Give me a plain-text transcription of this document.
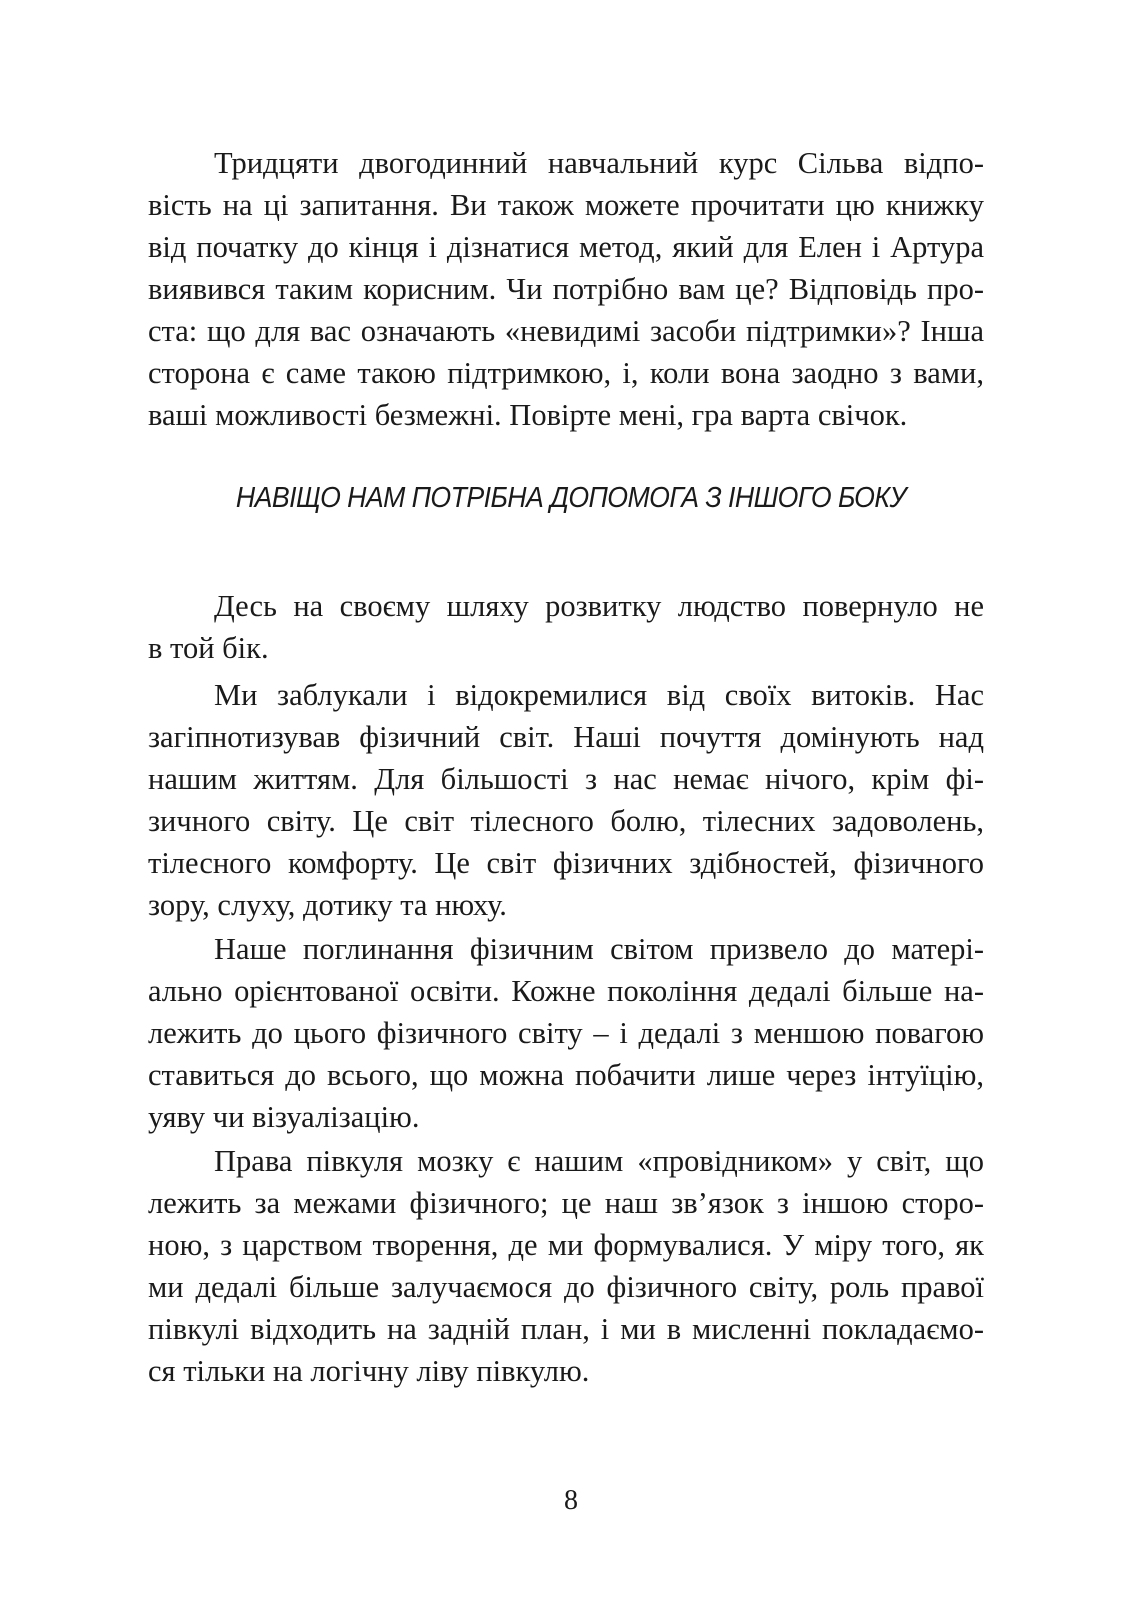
Тридцяти двогодинний навчальний курс Сільва відпо-
вість на ці запитання. Ви також можете прочитати цю книжку
від початку до кінця і дізнатися метод, який для Елен і Артура
виявився таким корисним. Чи потрібно вам це? Відповідь про-
ста: що для вас означають «невидимі засоби підтримки»? Інша
сторона є саме такою підтримкою, і, коли вона заодно з вами,
ваші можливості безмежні. Повірте мені, гра варта свічок.
НАВІЩО НАМ ПОТРІБНА ДОПОМОГА З ІНШОГО БОКУ
Десь на своєму шляху розвитку людство повернуло не
в той бік.
Ми заблукали і відокремилися від своїх витоків. Нас
загіпнотизував фізичний світ. Наші почуття домінують над
нашим життям. Для більшості з нас немає нічого, крім фі-
зичного світу. Це світ тілесного болю, тілесних задоволень,
тілесного комфорту. Це світ фізичних здібностей, фізичного
зору, слуху, дотику та нюху.
Наше поглинання фізичним світом призвело до матері-
ально орієнтованої освіти. Кожне покоління дедалі більше на-
лежить до цього фізичного світу – і дедалі з меншою повагою
ставиться до всього, що можна побачити лише через інтуїцію,
уяву чи візуалізацію.
Права півкуля мозку є нашим «провідником» у світ, що
лежить за межами фізичного; це наш зв’язок з іншою сторо-
ною, з царством творення, де ми формувалися. У міру того, як
ми дедалі більше залучаємося до фізичного світу, роль правої
півкулі відходить на задній план, і ми в мисленні покладаємо-
ся тільки на логічну ліву півкулю.
8
